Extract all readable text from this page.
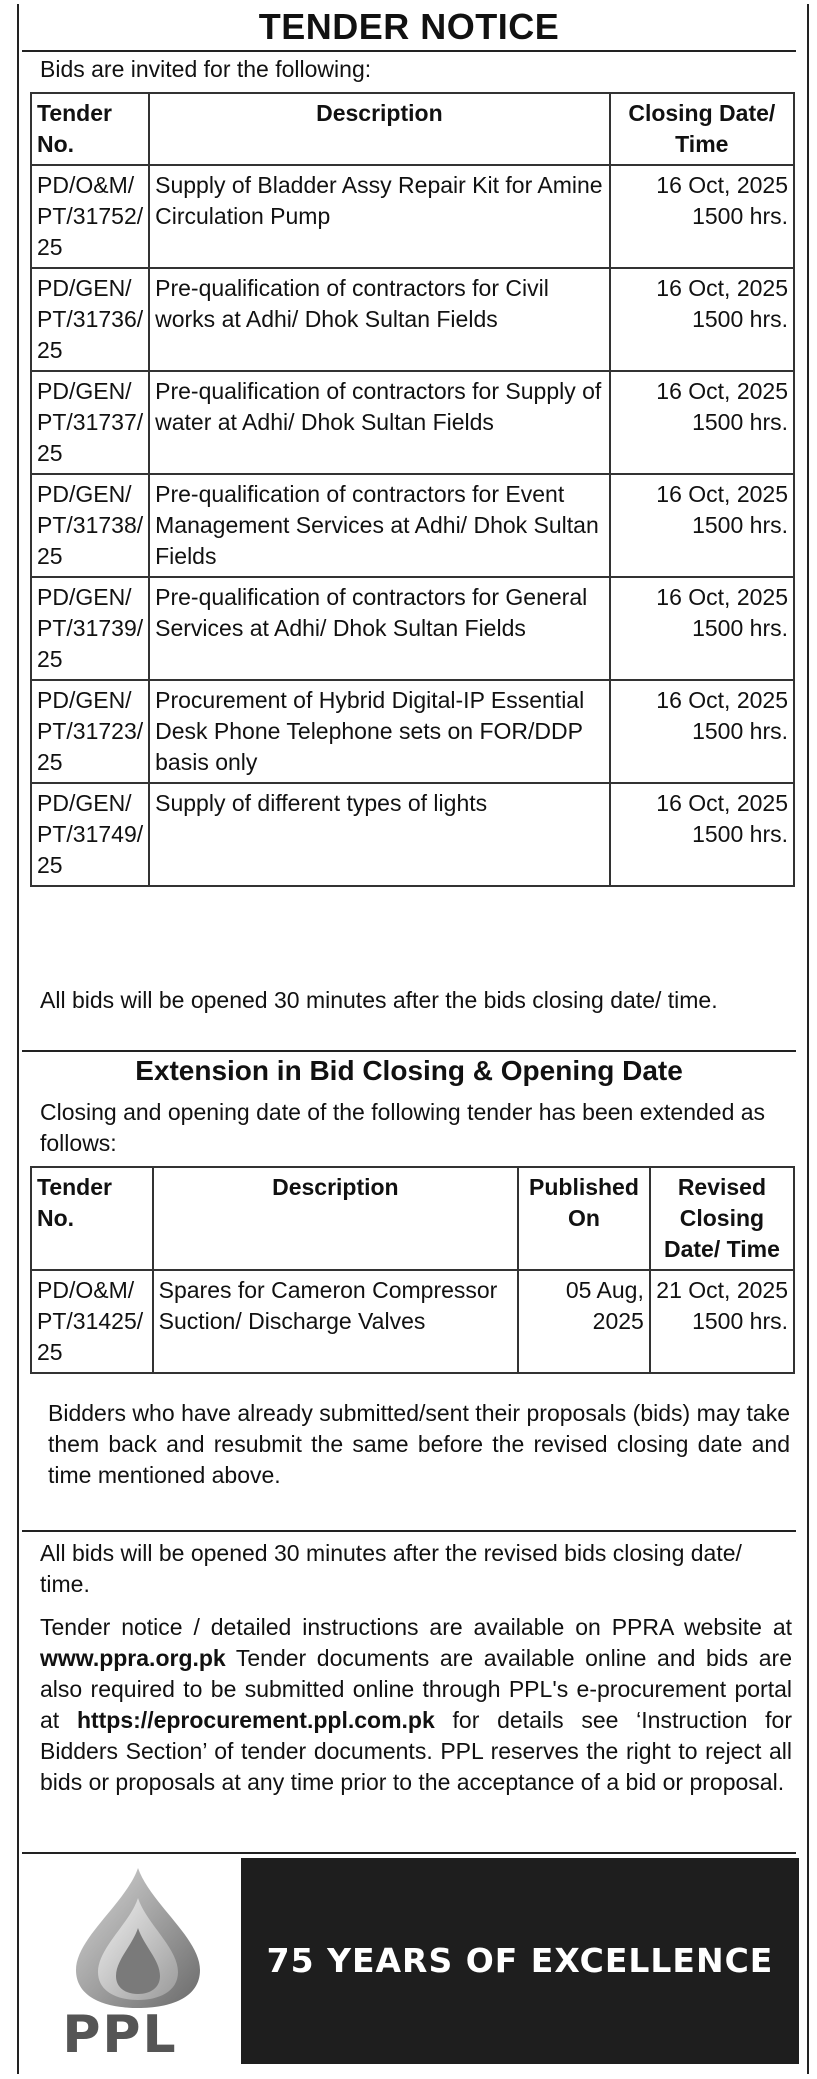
TENDER NOTICE
Bids are invited for the following:
Tender No.	Description	Closing Date/ Time
PD/O&M/ PT/31752/ 25	Supply of Bladder Assy Repair Kit for Amine Circulation Pump	16 Oct, 2025 1500 hrs.
PD/GEN/ PT/31736/ 25	Pre-qualification of contractors for Civil works at Adhi/ Dhok Sultan Fields	16 Oct, 2025 1500 hrs.
PD/GEN/ PT/31737/ 25	Pre-qualification of contractors for Supply of water at Adhi/ Dhok Sultan Fields	16 Oct, 2025 1500 hrs.
PD/GEN/ PT/31738/ 25	Pre-qualification of contractors for Event Management Services at Adhi/ Dhok Sultan Fields	16 Oct, 2025 1500 hrs.
PD/GEN/ PT/31739/ 25	Pre-qualification of contractors for General Services at Adhi/ Dhok Sultan Fields	16 Oct, 2025 1500 hrs.
PD/GEN/ PT/31723/ 25	Procurement of Hybrid Digital-IP Essential Desk Phone Telephone sets on FOR/DDP basis only	16 Oct, 2025 1500 hrs.
PD/GEN/ PT/31749/ 25	Supply of different types of lights	16 Oct, 2025 1500 hrs.
All bids will be opened 30 minutes after the bids closing date/ time.
Extension in Bid Closing & Opening Date
Closing and opening date of the following tender has been extended as follows:
Tender No.	Description	Published On	Revised Closing Date/ Time
PD/O&M/ PT/31425/ 25	Spares for Cameron Compressor Suction/ Discharge Valves	05 Aug, 2025	21 Oct, 2025 1500 hrs.
Bidders who have already submitted/sent their proposals (bids) may take them back and resubmit the same before the revised closing date and time mentioned above.
All bids will be opened 30 minutes after the revised bids closing date/ time.
Tender notice / detailed instructions are available on PPRA website at www.ppra.org.pk Tender documents are available online and bids are also required to be submitted online through PPL's e-procurement portal at https://eprocurement.ppl.com.pk for details see ‘Instruction for Bidders Section’ of tender documents. PPL reserves the right to reject all bids or proposals at any time prior to the acceptance of a bid or proposal.
PPL
75 YEARS OF EXCELLENCE
